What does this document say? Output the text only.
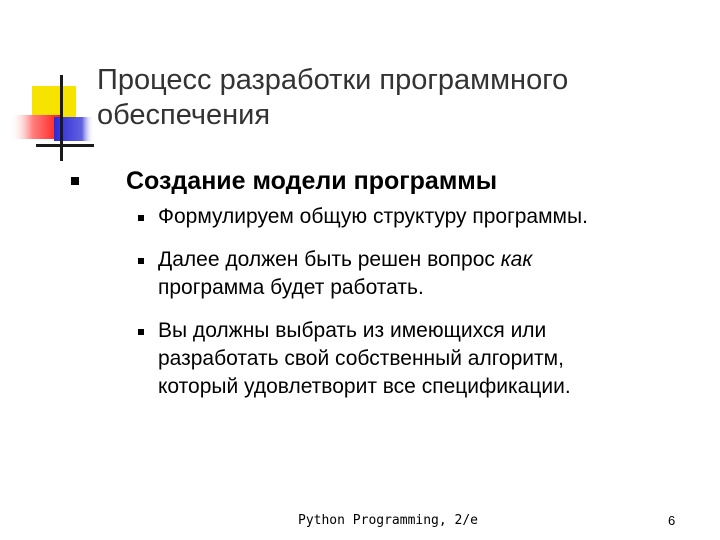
Процесс разработки программного
обеспечения
Создание модели программы
Формулируем общую структуру программы.
Далее должен быть решен вопрос как
программа будет работать.
Вы должны выбрать из имеющихся или
разработать свой собственный алгоритм,
который удовлетворит все спецификации.
Python Programming, 2/e	6
